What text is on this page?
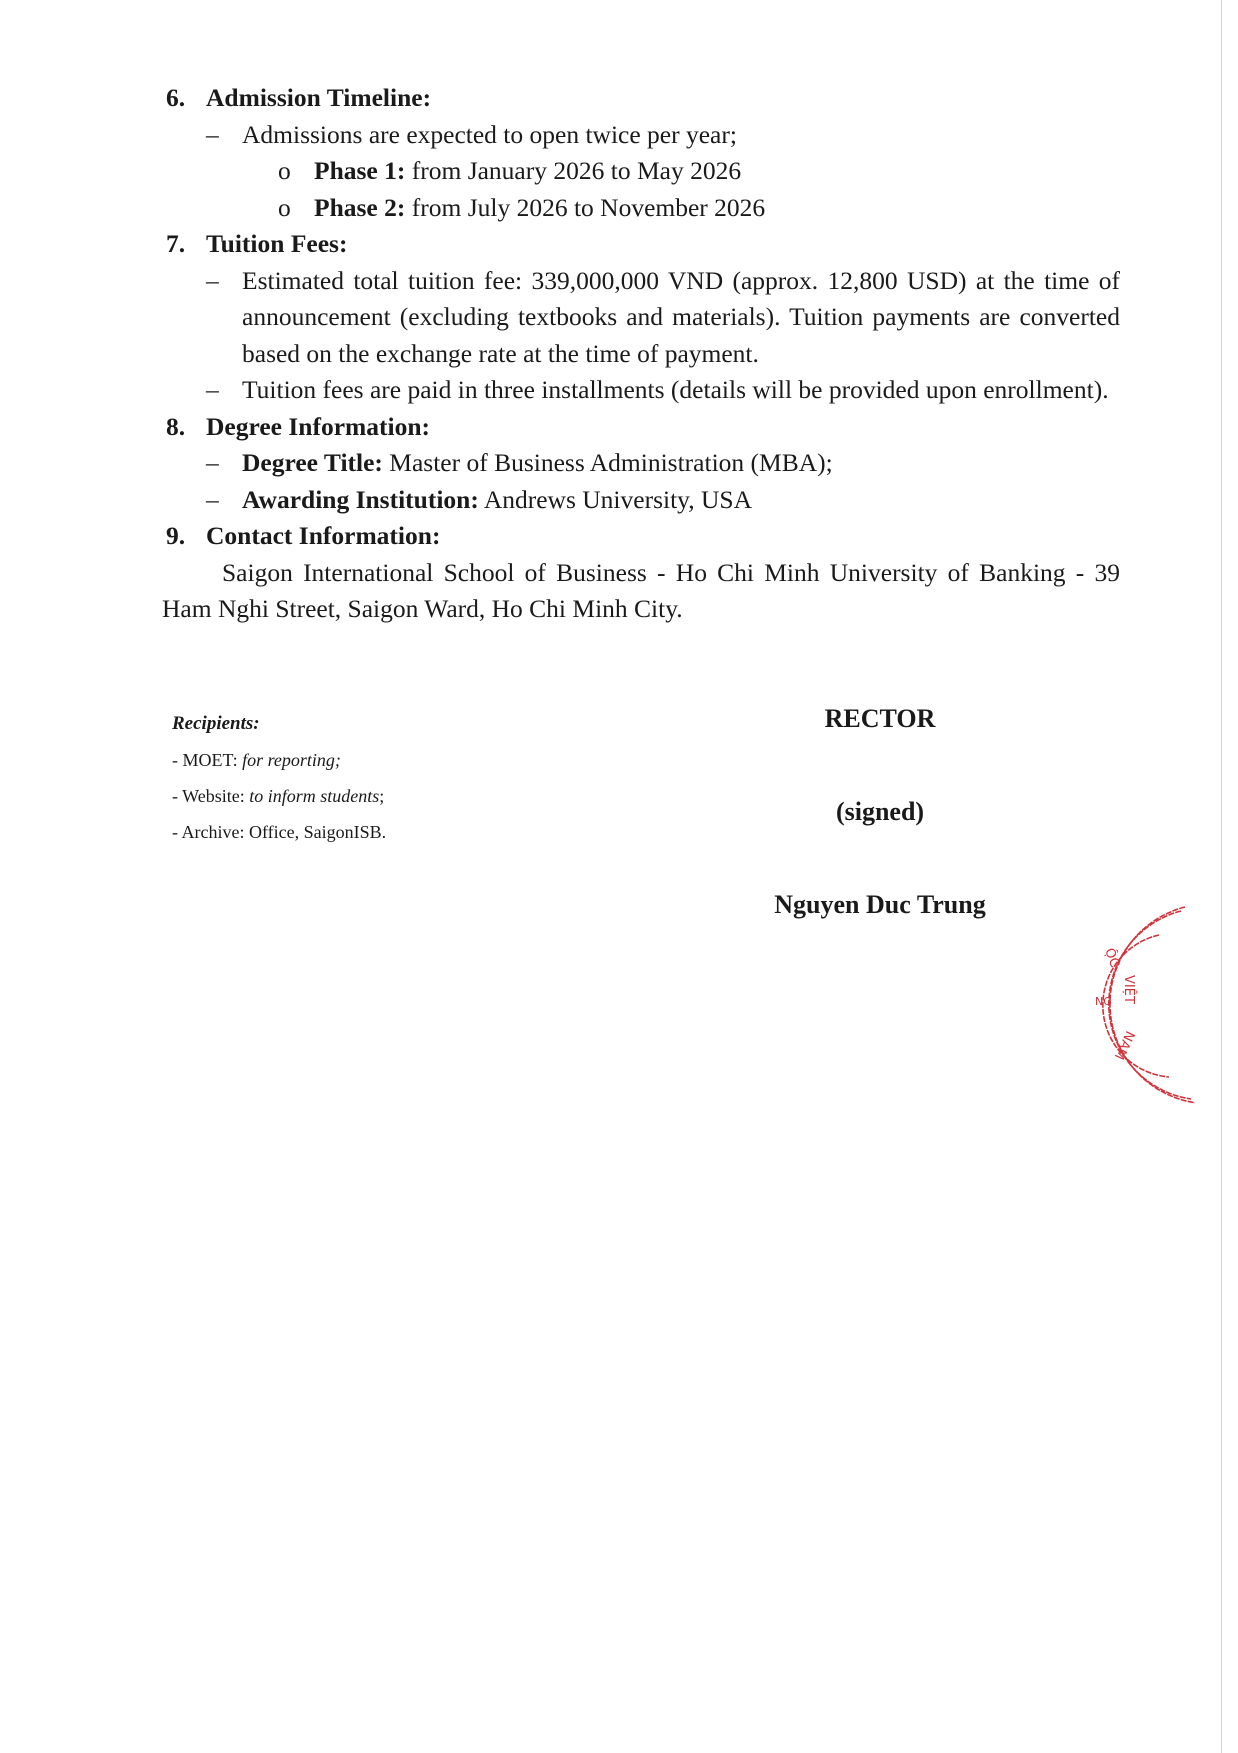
6. Admission Timeline:
– Admissions are expected to open twice per year;
o Phase 1: from January 2026 to May 2026
o Phase 2: from July 2026 to November 2026
7. Tuition Fees:
– Estimated total tuition fee: 339,000,000 VND (approx. 12,800 USD) at the time of announcement (excluding textbooks and materials). Tuition payments are converted based on the exchange rate at the time of payment.
– Tuition fees are paid in three installments (details will be provided upon enrollment).
8. Degree Information:
– Degree Title: Master of Business Administration (MBA);
– Awarding Institution: Andrews University, USA
9. Contact Information:
Saigon International School of Business - Ho Chi Minh University of Banking - 39 Ham Nghi Street, Saigon Ward, Ho Chi Minh City.
Recipients:
- MOET: for reporting;
- Website: to inform students;
- Archive: Office, SaigonISB.
RECTOR
(signed)
Nguyen Duc Trung
ỘC
VIỆT
NAM
NG
